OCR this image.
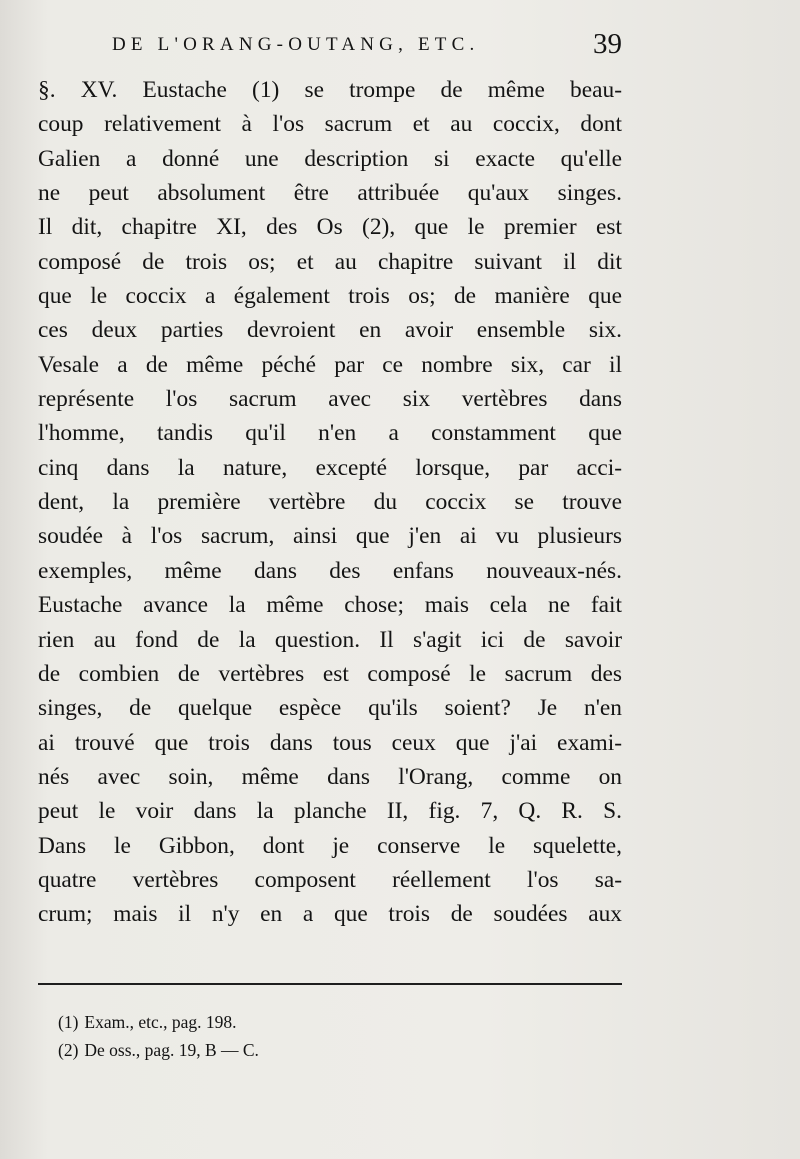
DE L'ORANG-OUTANG, ETC.	39
§. XV. Eustache (1) se trompe de même beau-
coup relativement à l'os sacrum et au coccix, dont
Galien a donné une description si exacte qu'elle
ne peut absolument être attribuée qu'aux singes.
Il dit, chapitre XI, des Os (2), que le premier est
composé de trois os; et au chapitre suivant il dit
que le coccix a également trois os; de manière que
ces deux parties devroient en avoir ensemble six.
Vesale a de même péché par ce nombre six, car il
représente l'os sacrum avec six vertèbres dans
l'homme, tandis qu'il n'en a constamment que
cinq dans la nature, excepté lorsque, par acci-
dent, la première vertèbre du coccix se trouve
soudée à l'os sacrum, ainsi que j'en ai vu plusieurs
exemples, même dans des enfans nouveaux-nés.
Eustache avance la même chose; mais cela ne fait
rien au fond de la question. Il s'agit ici de savoir
de combien de vertèbres est composé le sacrum des
singes, de quelque espèce qu'ils soient? Je n'en
ai trouvé que trois dans tous ceux que j'ai exami-
nés avec soin, même dans l'Orang, comme on
peut le voir dans la planche II, fig. 7, Q. R. S.
Dans le Gibbon, dont je conserve le squelette,
quatre vertèbres composent réellement l'os sa-
crum; mais il n'y en a que trois de soudées aux
(1) Exam., etc., pag. 198.
(2) De oss., pag. 19, B — C.
